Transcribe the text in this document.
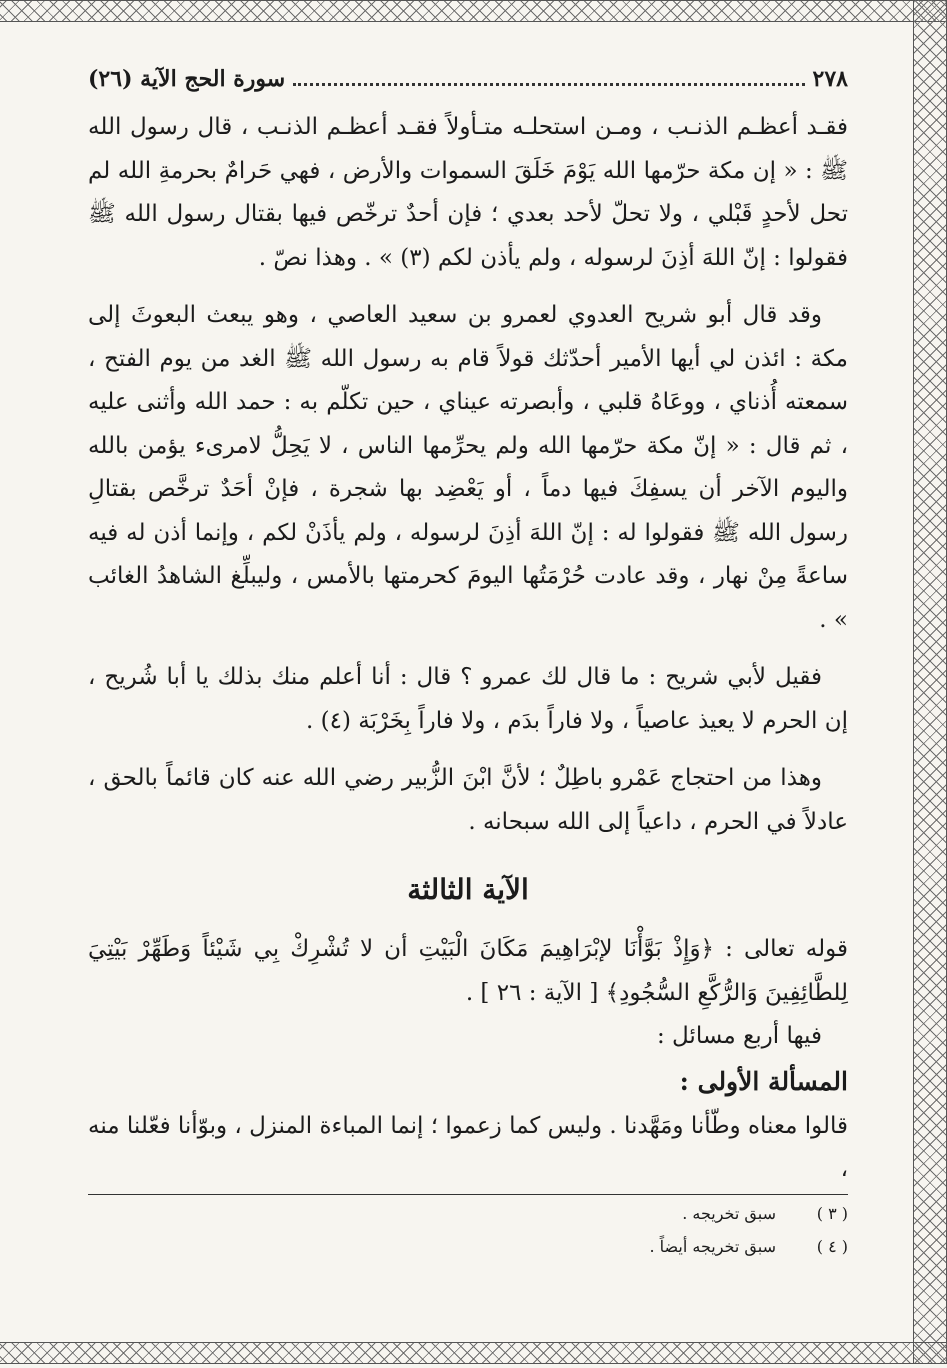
٢٧٨
سورة الحج الآية (٢٦)

فقـد أعظـم الذنـب ، ومـن استحلـه متـأولاً فقـد أعظـم الذنـب ، قال رسول الله ﷺ : « إن مكة حرّمها الله يَوْمَ خَلَقَ السموات والأرض ، فهي حَرامٌ بحرمةِ الله لم تحل لأحدٍ قَبْلي ، ولا تحلّ لأحد بعدي ؛ فإن أحدٌ ترخّص فيها بقتال رسول الله ﷺ فقولوا : إنّ اللهَ أذِنَ لرسوله ، ولم يأذن لكم (٣) » . وهذا نصّ .

وقد قال أبو شريح العدوي لعمرو بن سعيد العاصي ، وهو يبعث البعوثَ إلى مكة : ائذن لي أيها الأمير أحدّثك قولاً قام به رسول الله ﷺ الغد من يوم الفتح ، سمعته أُذناي ، ووعَاهُ قلبي ، وأبصرته عيناي ، حين تكلّم به : حمد الله وأثنى عليه ، ثم قال : « إنّ مكة حرّمها الله ولم يحرِّمها الناس ، لا يَحِلُّ لامرىء يؤمن بالله واليوم الآخر أن يسفِكَ فيها دماً ، أو يَعْضِد بها شجرة ، فإنْ أحَدٌ ترخَّص بقتالِ رسول الله ﷺ فقولوا له : إنّ اللهَ أذِنَ لرسوله ، ولم يأذَنْ لكم ، وإنما أذن له فيه ساعةً مِنْ نهار ، وقد عادت حُرْمَتُها اليومَ كحرمتها بالأمس ، وليبلِّغ الشاهدُ الغائب » .

فقيل لأبي شريح : ما قال لك عمرو ؟ قال : أنا أعلم منك بذلك يا أبا شُريح ، إن الحرم لا يعيذ عاصياً ، ولا فاراً بدَم ، ولا فاراً بِخَرْبَة (٤) .

وهذا من احتجاج عَمْرو باطِلٌ ؛ لأنَّ ابْنَ الزُّبير رضي الله عنه كان قائماً بالحق ، عادلاً في الحرم ، داعياً إلى الله سبحانه .

الآية الثالثة

قوله تعالى : ﴿وَإِذْ بَوَّأْنَا لإبْرَاهِيمَ مَكَانَ الْبَيْتِ أن لا تُشْرِكْ بِي شَيْئاً وَطَهِّرْ بَيْتِيَ لِلطَّائِفِينَ وَالرُّكَّعِ السُّجُودِ﴾ [ الآية : ٢٦ ] .

فيها أربع مسائل :

المسألة الأولى :

قالوا معناه وطّأنا ومَهَّدنا . وليس كما زعموا ؛ إنما المباءة المنزل ، وبوّأنا فعّلنا منه ،

( ٣ )
سبق تخريجه .
( ٤ )
سبق تخريجه أيضاً .
